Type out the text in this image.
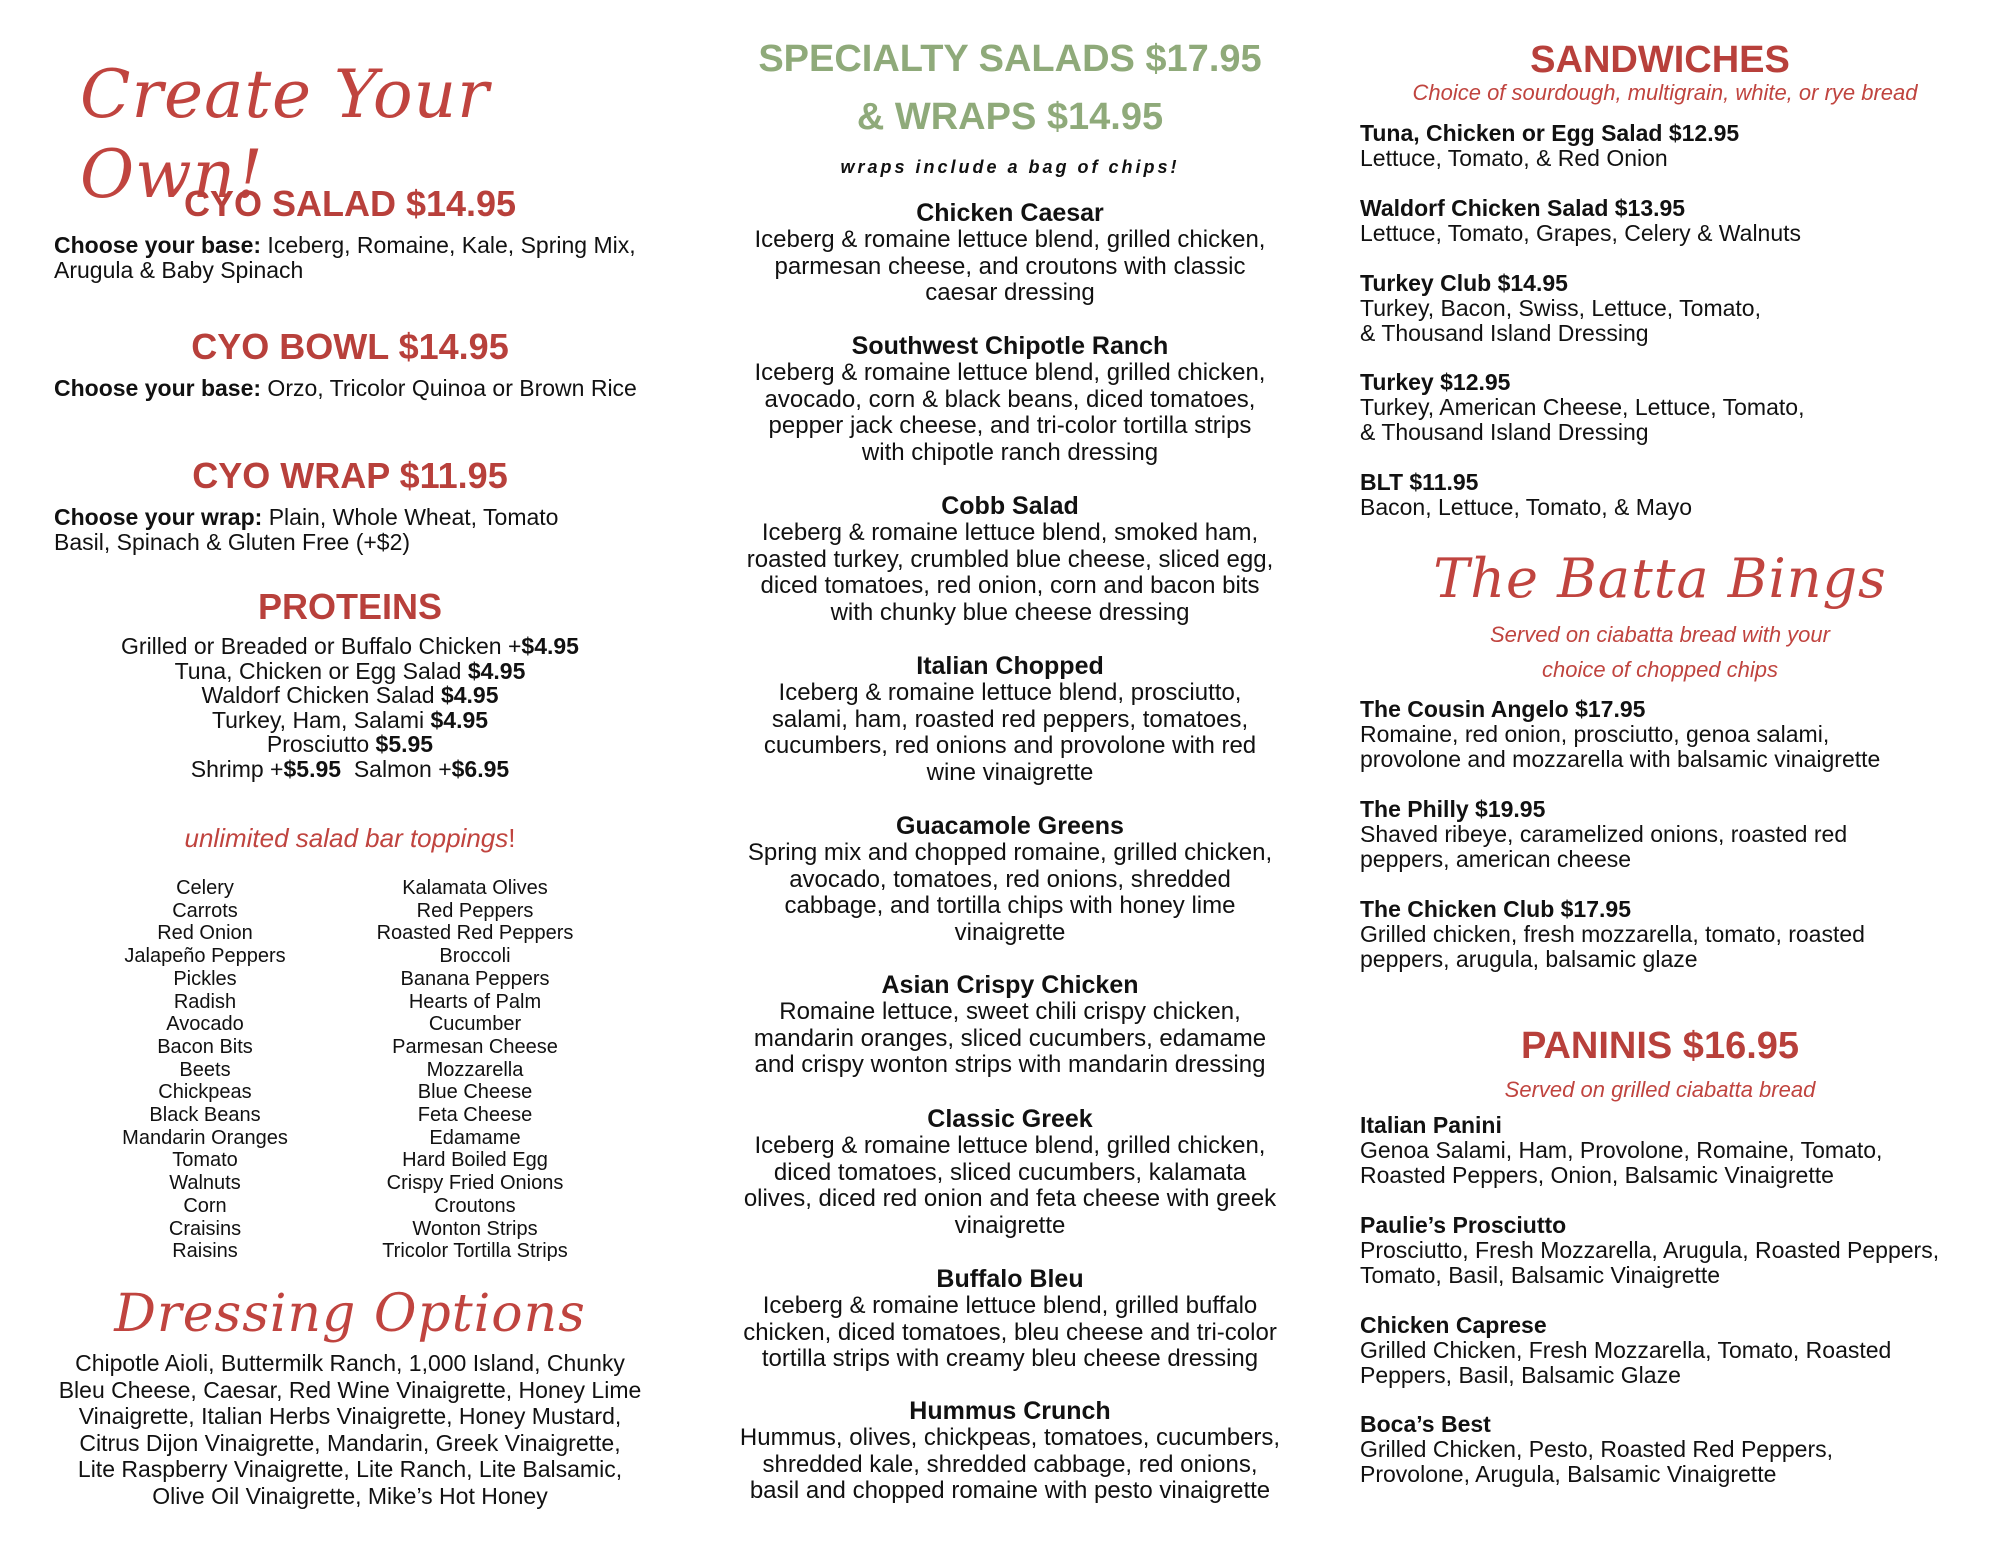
Create Your Own!
CYO SALAD $14.95
Choose your base: Iceberg, Romaine, Kale, Spring Mix, Arugula & Baby Spinach
CYO BOWL $14.95
Choose your base: Orzo, Tricolor Quinoa or Brown Rice
CYO WRAP $11.95
Choose your wrap: Plain, Whole Wheat, Tomato Basil, Spinach & Gluten Free (+$2)
PROTEINS
Grilled or Breaded or Buffalo Chicken +$4.95
Tuna, Chicken or Egg Salad $4.95
Waldorf Chicken Salad $4.95
Turkey, Ham, Salami $4.95
Prosciutto $5.95
Shrimp +$5.95 Salmon +$6.95
unlimited salad bar toppings!
Celery
Carrots
Red Onion
Jalapeño Peppers
Pickles
Radish
Avocado
Bacon Bits
Beets
Chickpeas
Black Beans
Mandarin Oranges
Tomato
Walnuts
Corn
Craisins
Raisins
Kalamata Olives
Red Peppers
Roasted Red Peppers
Broccoli
Banana Peppers
Hearts of Palm
Cucumber
Parmesan Cheese
Mozzarella
Blue Cheese
Feta Cheese
Edamame
Hard Boiled Egg
Crispy Fried Onions
Croutons
Wonton Strips
Tricolor Tortilla Strips
Dressing Options
Chipotle Aioli, Buttermilk Ranch, 1,000 Island, Chunky
Bleu Cheese, Caesar, Red Wine Vinaigrette, Honey Lime
Vinaigrette, Italian Herbs Vinaigrette, Honey Mustard,
Citrus Dijon Vinaigrette, Mandarin, Greek Vinaigrette,
Lite Raspberry Vinaigrette, Lite Ranch, Lite Balsamic,
Olive Oil Vinaigrette, Mike’s Hot Honey
SPECIALTY SALADS $17.95
& WRAPS $14.95
wraps include a bag of chips!
Chicken Caesar
Iceberg & romaine lettuce blend, grilled chicken,
parmesan cheese, and croutons with classic
caesar dressing
Southwest Chipotle Ranch
Iceberg & romaine lettuce blend, grilled chicken,
avocado, corn & black beans, diced tomatoes,
pepper jack cheese, and tri-color tortilla strips
with chipotle ranch dressing
Cobb Salad
Iceberg & romaine lettuce blend, smoked ham,
roasted turkey, crumbled blue cheese, sliced egg,
diced tomatoes, red onion, corn and bacon bits
with chunky blue cheese dressing
Italian Chopped
Iceberg & romaine lettuce blend, prosciutto,
salami, ham, roasted red peppers, tomatoes,
cucumbers, red onions and provolone with red
wine vinaigrette
Guacamole Greens
Spring mix and chopped romaine, grilled chicken,
avocado, tomatoes, red onions, shredded
cabbage, and tortilla chips with honey lime
vinaigrette
Asian Crispy Chicken
Romaine lettuce, sweet chili crispy chicken,
mandarin oranges, sliced cucumbers, edamame
and crispy wonton strips with mandarin dressing
Classic Greek
Iceberg & romaine lettuce blend, grilled chicken,
diced tomatoes, sliced cucumbers, kalamata
olives, diced red onion and feta cheese with greek
vinaigrette
Buffalo Bleu
Iceberg & romaine lettuce blend, grilled buffalo
chicken, diced tomatoes, bleu cheese and tri-color
tortilla strips with creamy bleu cheese dressing
Hummus Crunch
Hummus, olives, chickpeas, tomatoes, cucumbers,
shredded kale, shredded cabbage, red onions,
basil and chopped romaine with pesto vinaigrette
SANDWICHES
Choice of sourdough, multigrain, white, or rye bread
Tuna, Chicken or Egg Salad $12.95
Lettuce, Tomato, & Red Onion
Waldorf Chicken Salad $13.95
Lettuce, Tomato, Grapes, Celery & Walnuts
Turkey Club $14.95
Turkey, Bacon, Swiss, Lettuce, Tomato,
& Thousand Island Dressing
Turkey $12.95
Turkey, American Cheese, Lettuce, Tomato,
& Thousand Island Dressing
BLT $11.95
Bacon, Lettuce, Tomato, & Mayo
The Batta Bings
Served on ciabatta bread with your
choice of chopped chips
The Cousin Angelo $17.95
Romaine, red onion, prosciutto, genoa salami,
provolone and mozzarella with balsamic vinaigrette
The Philly $19.95
Shaved ribeye, caramelized onions, roasted red
peppers, american cheese
The Chicken Club $17.95
Grilled chicken, fresh mozzarella, tomato, roasted
peppers, arugula, balsamic glaze
PANINIS $16.95
Served on grilled ciabatta bread
Italian Panini
Genoa Salami, Ham, Provolone, Romaine, Tomato,
Roasted Peppers, Onion, Balsamic Vinaigrette
Paulie’s Prosciutto
Prosciutto, Fresh Mozzarella, Arugula, Roasted Peppers,
Tomato, Basil, Balsamic Vinaigrette
Chicken Caprese
Grilled Chicken, Fresh Mozzarella, Tomato, Roasted
Peppers, Basil, Balsamic Glaze
Boca’s Best
Grilled Chicken, Pesto, Roasted Red Peppers,
Provolone, Arugula, Balsamic Vinaigrette
